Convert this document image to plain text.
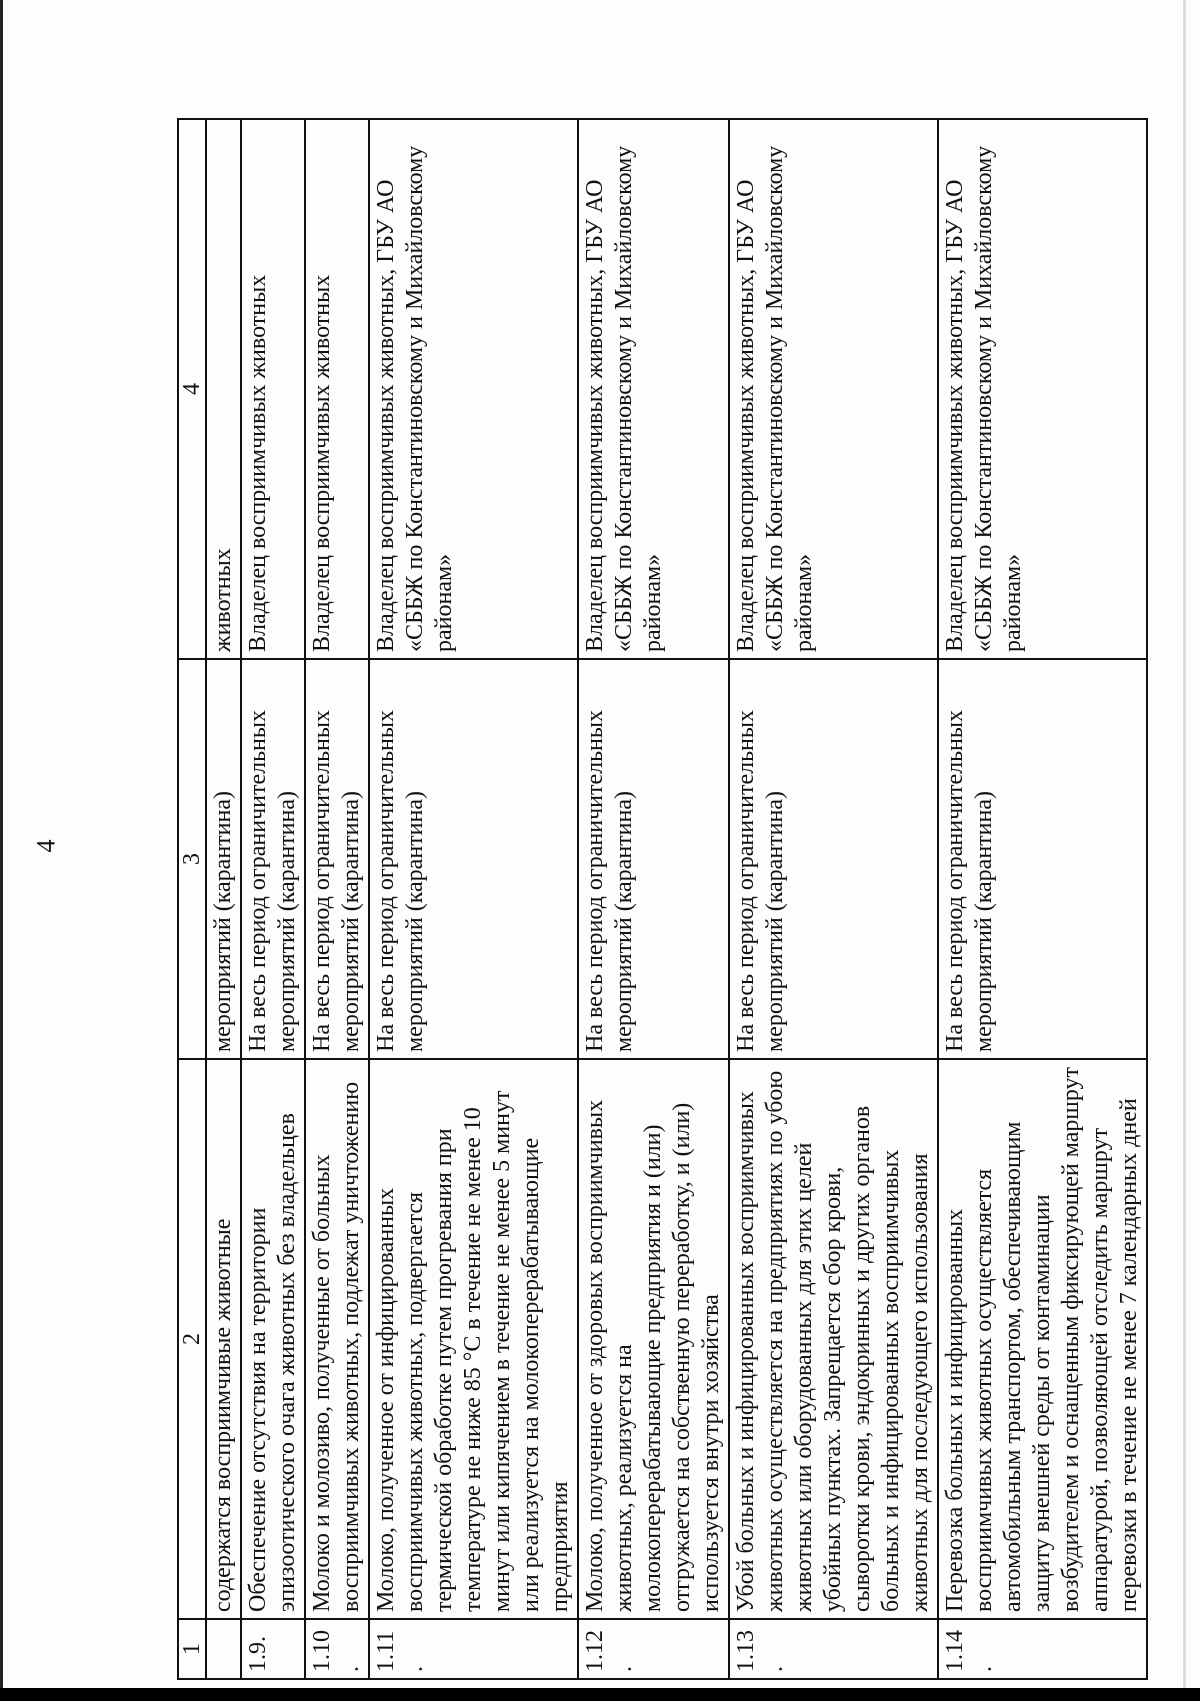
4
1	2	3	4
	содержатся восприимчивые животные	мероприятий (карантина)	животных
1.9.	Обеспечение отсутствия на территории эпизоотического очага животных без владельцев	На весь период ограничительных мероприятий (карантина)	Владелец восприимчивых животных
1.10.	Молоко и молозиво, полученные от больных восприимчивых животных, подлежат уничтожению	На весь период ограничительных мероприятий (карантина)	Владелец восприимчивых животных
1.11.	Молоко, полученное от инфицированных восприимчивых животных, подвергается термической обработке путем прогревания при температуре не ниже 85 °С в течение не менее 10 минут или кипячением в течение не менее 5 минут или реализуется на молокоперерабатывающие предприятия	На весь период ограничительных мероприятий (карантина)	Владелец восприимчивых животных, ГБУ АО «СББЖ по Константиновскому и Михайловскому районам»
1.12.	Молоко, полученное от здоровых восприимчивых животных, реализуется на молокоперерабатывающие предприятия и (или) отгружается на собственную переработку, и (или) используется внутри хозяйства	На весь период ограничительных мероприятий (карантина)	Владелец восприимчивых животных, ГБУ АО «СББЖ по Константиновскому и Михайловскому районам»
1.13.	Убой больных и инфицированных восприимчивых животных осуществляется на предприятиях по убою животных или оборудованных для этих целей убойных пунктах. Запрещается сбор крови, сыворотки крови, эндокринных и других органов больных и инфицированных восприимчивых животных для последующего использования	На весь период ограничительных мероприятий (карантина)	Владелец восприимчивых животных, ГБУ АО «СББЖ по Константиновскому и Михайловскому районам»
1.14.	Перевозка больных и инфицированных восприимчивых животных осуществляется автомобильным транспортом, обеспечивающим защиту внешней среды от контаминации возбудителем и оснащенным фиксирующей маршрут аппаратурой, позволяющей отследить маршрут перевозки в течение не менее 7 календарных дней	На весь период ограничительных мероприятий (карантина)	Владелец восприимчивых животных, ГБУ АО «СББЖ по Константиновскому и Михайловскому районам»
